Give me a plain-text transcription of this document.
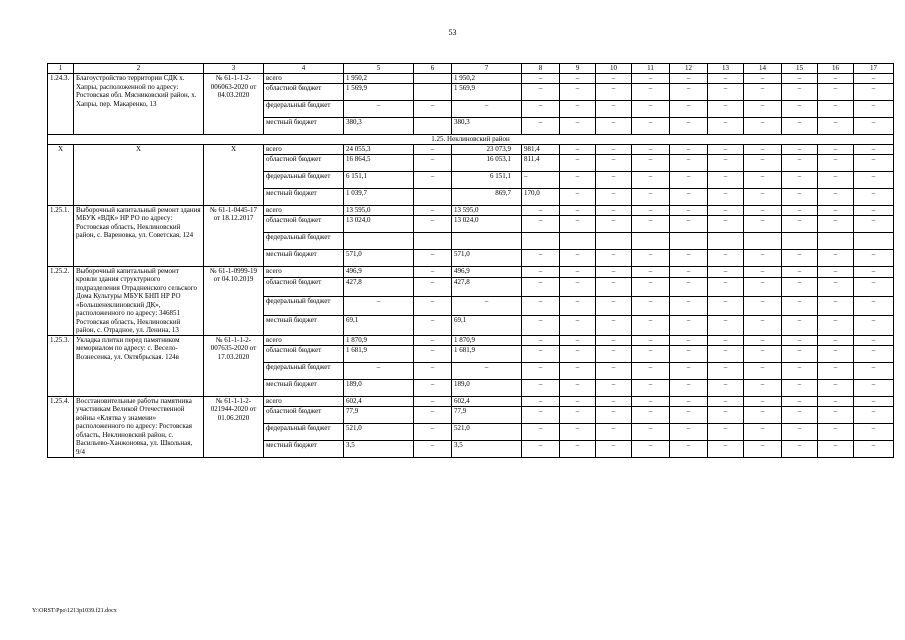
53
1	2	3	4	5	6	7	8	9	10	11	12	13	14	15	16	17
1.24.3.	Благоустройство территории СДК х. Хапры, расположенной по адресу: Ростовская обл. Мясниковский район, х. Хапры, пер. Макаренко, 13	№ 61-1-1-2-006063-2020 от 04.03.2020	всего	1 950,2		1 950,2	–	–	–	–	–	–	–	–	–	–
			областной бюджет	1 569,9		1 569,9	–	–	–	–	–	–	–	–	–	–
			федеральный бюджет	–	–	–	–	–	–	–	–	–	–	–	–	–
			местный бюджет	380,3		380,3	–	–	–	–	–	–	–	–	–	–
1.25. Неклиновский район																
Х	Х	Х	всего	24 055,3	–	23 073,9	981,4	–	–	–	–	–	–	–	–	–
			областной бюджет	16 864,5	–	16 053,1	811,4	–	–	–	–	–	–	–	–	–
			федеральный бюджет	6 151,1	–	6 151,1	–	–	–	–	–	–	–	–	–	–
			местный бюджет	1 039,7		869,7	170,0	–	–	–	–	–	–	–	–	–
1.25.1.	Выборочный капитальный ремонт здания МБУК «ВДК» НР РО по адресу: Ростовская область, Неклиновский район, с. Вареновка, ул. Советская, 124	№ 61-1-0445-17 от 18.12.2017	всего	13 595,0	–	13 595,0	–	–	–	–	–	–	–	–	–	–
			областной бюджет	13 024,0	–	13 024,0	–	–	–	–	–	–	–	–	–	–
			федеральный бюджет													
			местный бюджет	571,0	–	571,0	–	–	–	–	–	–	–	–	–	–
1.25.2.	Выборочный капитальный ремонт кровли здания структурного подразделения Отрадненского сельского Дома Культуры МБУК БНП НР РО «Большенеклиновский ДК», расположенного по адресу: 346851 Ростовская область, Неклиновский район, с. Отрадное, ул. Ленина, 13	№ 61-1-0999-19 от 04.10.2019	всего	496,9	–	496,9	–	–	–	–	–	–	–	–	–	–
			областной бюджет	427,8	–	427,8	–	–	–	–	–	–	–	–	–	–
			федеральный бюджет	–	–	–	–	–	–	–	–	–	–	–	–	–
			местный бюджет	69,1	–	69,1	–	–	–	–	–	–	–	–	–	–
1.25.3.	Укладка плитки перед памятником мемориалом по адресу: с. Весело-Вознесенка, ул. Октябрьская. 124в	№ 61-1-1-2-007635-2020 от 17.03.2020	всего	1 870,9	–	1 870,9	–	–	–	–	–	–	–	–	–	–
			областной бюджет	1 681,9	–	1 681,9	–	–	–	–	–	–	–	–	–	–
			федеральный бюджет	–	–	–	–	–	–	–	–	–	–	–	–	–
			местный бюджет	189,0	–	189,0	–	–	–	–	–	–	–	–	–	–
1.25.4.	Восстановительные работы памятника участникам Великой Отечественной войны «Клятва у знамени» расположенного по адресу: Ростовская область, Неклиновский район, с. Васильево-Ханжоновка, ул. Школьная, 9/4	№ 61-1-1-2-021944-2020 от 01.06.2020	всего	602,4	–	602,4	–	–	–	–	–	–	–	–	–	–
			областной бюджет	77,9	–	77,9	–	–	–	–	–	–	–	–	–	–
			федеральный бюджет	521,0	–	521,0	–	–	–	–	–	–	–	–	–	–
			местный бюджет	3,5	–	3,5	–	–	–	–	–	–	–	–	–	–
Y:\ORST\Ppo\1213p1039.f21.docx
